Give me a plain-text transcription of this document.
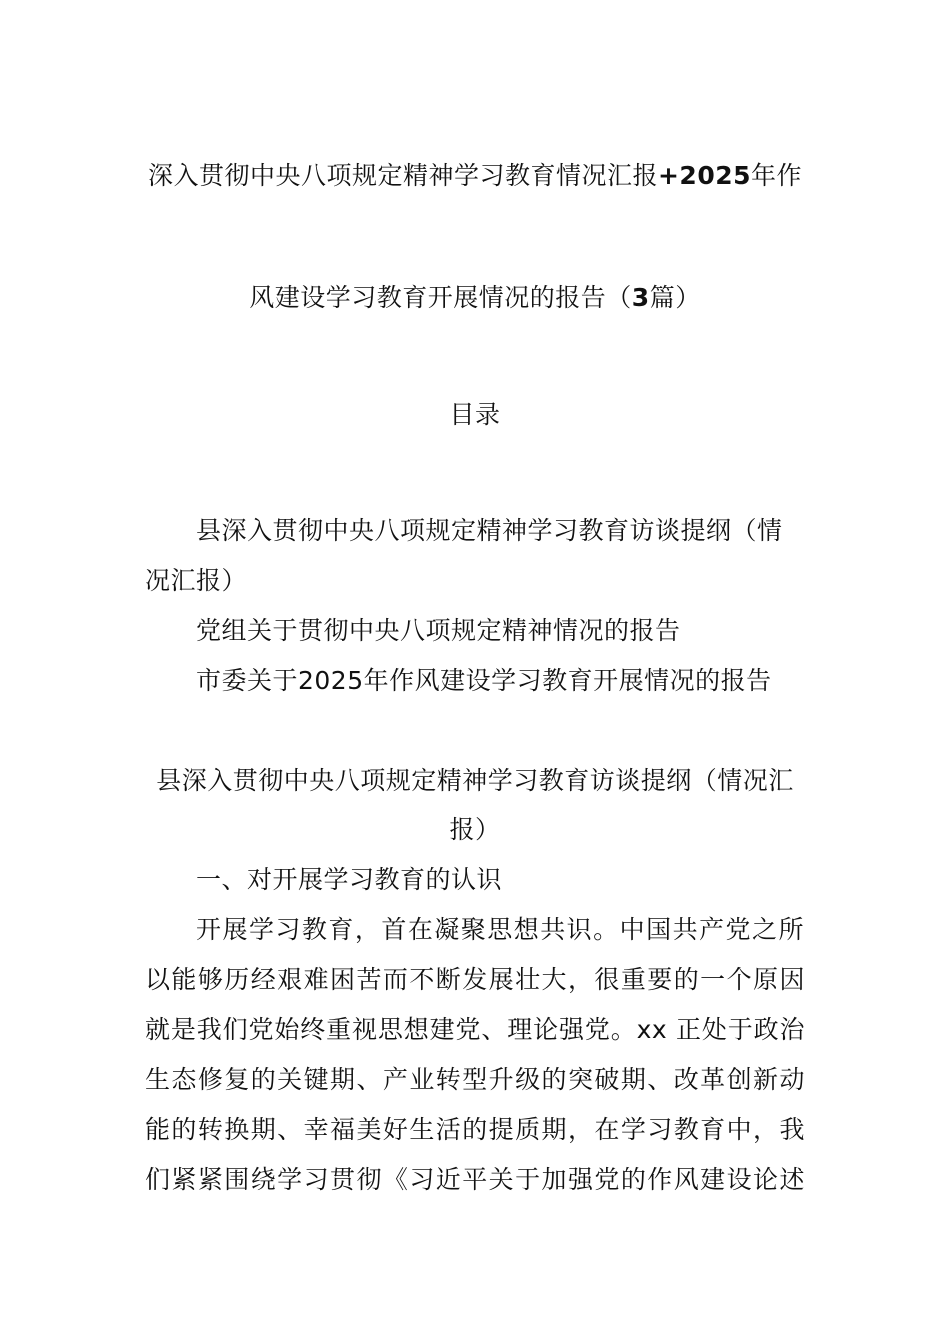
深入贯彻中央八项规定精神学习教育情况汇报+2025年作
风建设学习教育开展情况的报告（3篇）
目录
县深入贯彻中央八项规定精神学习教育访谈提纲（情
况汇报）
党组关于贯彻中央八项规定精神情况的报告
市委关于2025年作风建设学习教育开展情况的报告
县深入贯彻中央八项规定精神学习教育访谈提纲（情况汇
报）
一、对开展学习教育的认识
开展学习教育，首在凝聚思想共识。中国共产党之所
以能够历经艰难困苦而不断发展壮大，很重要的一个原因
就是我们党始终重视思想建党、理论强党。xx 正处于政治
生态修复的关键期、产业转型升级的突破期、改革创新动
能的转换期、幸福美好生活的提质期，在学习教育中，我
们紧紧围绕学习贯彻《习近平关于加强党的作风建设论述
